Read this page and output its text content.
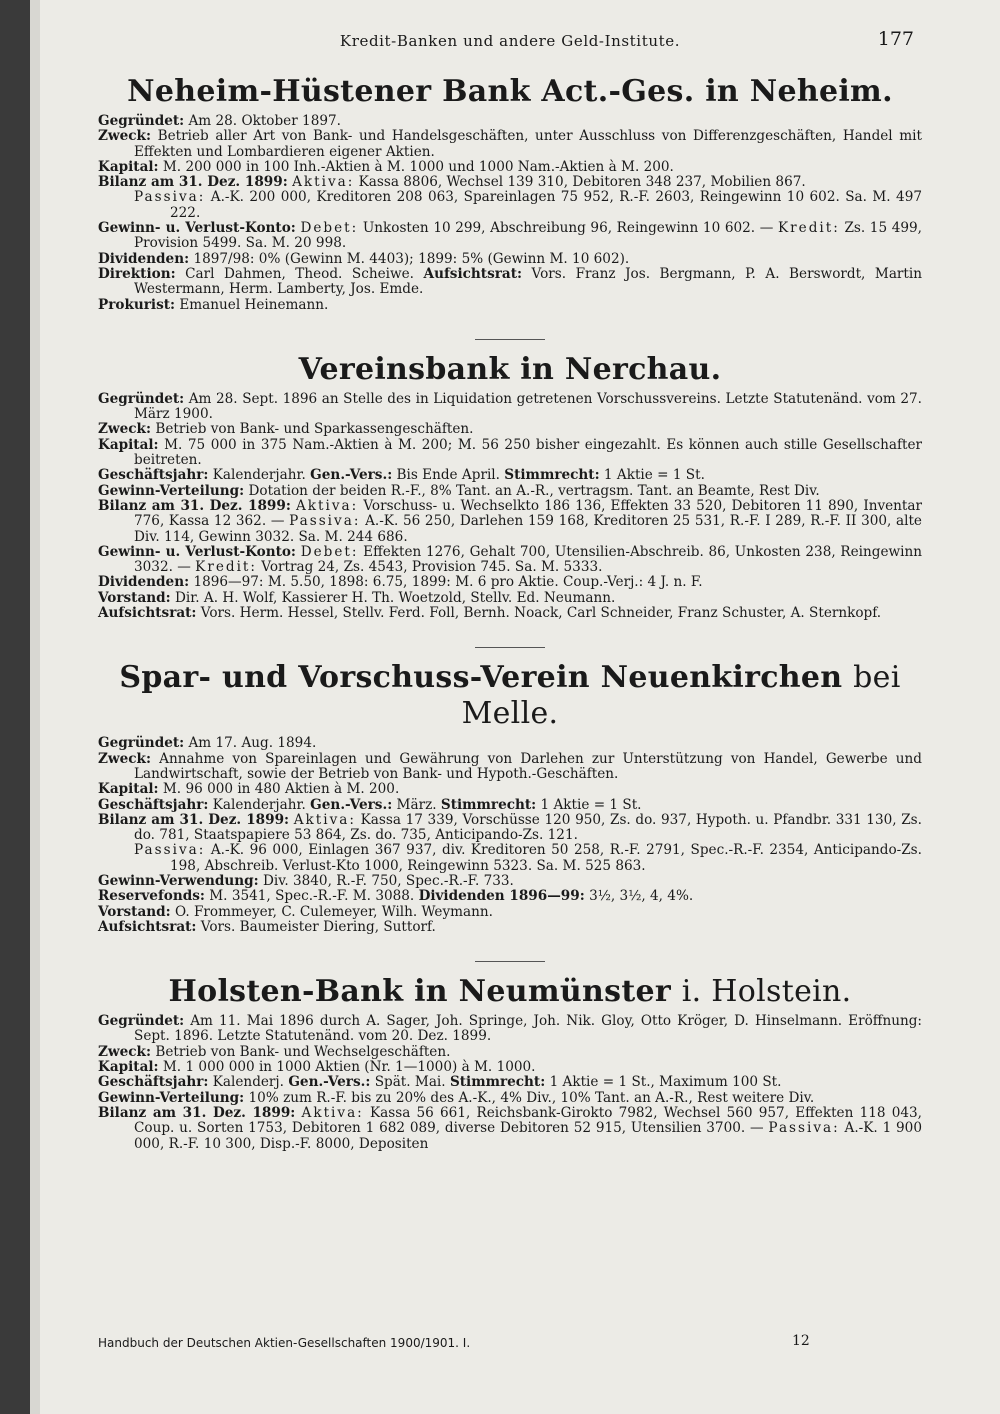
Kredit-Banken und andere Geld-Institute.	177
Neheim-Hüstener Bank Act.-Ges. in Neheim.

Gegründet: Am 28. Oktober 1897.

Zweck: Betrieb aller Art von Bank- und Handelsgeschäften, unter Ausschluss von Differenzgeschäften, Handel mit Effekten und Lombardieren eigener Aktien.

Kapital: M. 200 000 in 100 Inh.-Aktien à M. 1000 und 1000 Nam.-Aktien à M. 200.

Bilanz am 31. Dez. 1899: Aktiva: Kassa 8806, Wechsel 139 310, Debitoren 348 237, Mobilien 867.

Passiva: A.-K. 200 000, Kreditoren 208 063, Spareinlagen 75 952, R.-F. 2603, Reingewinn 10 602. Sa. M. 497 222.

Gewinn- u. Verlust-Konto: Debet: Unkosten 10 299, Abschreibung 96, Reingewinn 10 602. — Kredit: Zs. 15 499, Provision 5499. Sa. M. 20 998.

Dividenden: 1897/98: 0% (Gewinn M. 4403); 1899: 5% (Gewinn M. 10 602).

Direktion: Carl Dahmen, Theod. Scheiwe. Aufsichtsrat: Vors. Franz Jos. Bergmann, P. A. Berswordt, Martin Westermann, Herm. Lamberty, Jos. Emde.

Prokurist: Emanuel Heinemann.

Vereinsbank in Nerchau.

Gegründet: Am 28. Sept. 1896 an Stelle des in Liquidation getretenen Vorschussvereins. Letzte Statutenänd. vom 27. März 1900.

Zweck: Betrieb von Bank- und Sparkassengeschäften.

Kapital: M. 75 000 in 375 Nam.-Aktien à M. 200; M. 56 250 bisher eingezahlt. Es können auch stille Gesellschafter beitreten.

Geschäftsjahr: Kalenderjahr. Gen.-Vers.: Bis Ende April. Stimmrecht: 1 Aktie = 1 St.

Gewinn-Verteilung: Dotation der beiden R.-F., 8% Tant. an A.-R., vertragsm. Tant. an Beamte, Rest Div.

Bilanz am 31. Dez. 1899: Aktiva: Vorschuss- u. Wechselkto 186 136, Effekten 33 520, Debitoren 11 890, Inventar 776, Kassa 12 362. — Passiva: A.-K. 56 250, Darlehen 159 168, Kreditoren 25 531, R.-F. I 289, R.-F. II 300, alte Div. 114, Gewinn 3032. Sa. M. 244 686.

Gewinn- u. Verlust-Konto: Debet: Effekten 1276, Gehalt 700, Utensilien-Abschreib. 86, Unkosten 238, Reingewinn 3032. — Kredit: Vortrag 24, Zs. 4543, Provision 745. Sa. M. 5333.

Dividenden: 1896—97: M. 5.50, 1898: 6.75, 1899: M. 6 pro Aktie. Coup.-Verj.: 4 J. n. F.

Vorstand: Dir. A. H. Wolf, Kassierer H. Th. Woetzold, Stellv. Ed. Neumann.

Aufsichtsrat: Vors. Herm. Hessel, Stellv. Ferd. Foll, Bernh. Noack, Carl Schneider, Franz Schuster, A. Sternkopf.

Spar- und Vorschuss-Verein Neuenkirchen bei Melle.

Gegründet: Am 17. Aug. 1894.

Zweck: Annahme von Spareinlagen und Gewährung von Darlehen zur Unterstützung von Handel, Gewerbe und Landwirtschaft, sowie der Betrieb von Bank- und Hypoth.-Geschäften.

Kapital: M. 96 000 in 480 Aktien à M. 200.

Geschäftsjahr: Kalenderjahr. Gen.-Vers.: März. Stimmrecht: 1 Aktie = 1 St.

Bilanz am 31. Dez. 1899: Aktiva: Kassa 17 339, Vorschüsse 120 950, Zs. do. 937, Hypoth. u. Pfandbr. 331 130, Zs. do. 781, Staatspapiere 53 864, Zs. do. 735, Anticipando-Zs. 121.

Passiva: A.-K. 96 000, Einlagen 367 937, div. Kreditoren 50 258, R.-F. 2791, Spec.-R.-F. 2354, Anticipando-Zs. 198, Abschreib. Verlust-Kto 1000, Reingewinn 5323. Sa. M. 525 863.

Gewinn-Verwendung: Div. 3840, R.-F. 750, Spec.-R.-F. 733.

Reservefonds: M. 3541, Spec.-R.-F. M. 3088. Dividenden 1896—99: 3½, 3½, 4, 4%.

Vorstand: O. Frommeyer, C. Culemeyer, Wilh. Weymann.

Aufsichtsrat: Vors. Baumeister Diering, Suttorf.

Holsten-Bank in Neumünster i. Holstein.

Gegründet: Am 11. Mai 1896 durch A. Sager, Joh. Springe, Joh. Nik. Gloy, Otto Kröger, D. Hinselmann. Eröffnung: Sept. 1896. Letzte Statutenänd. vom 20. Dez. 1899.

Zweck: Betrieb von Bank- und Wechselgeschäften.

Kapital: M. 1 000 000 in 1000 Aktien (Nr. 1—1000) à M. 1000.

Geschäftsjahr: Kalenderj. Gen.-Vers.: Spät. Mai. Stimmrecht: 1 Aktie = 1 St., Maximum 100 St.

Gewinn-Verteilung: 10% zum R.-F. bis zu 20% des A.-K., 4% Div., 10% Tant. an A.-R., Rest weitere Div.

Bilanz am 31. Dez. 1899: Aktiva: Kassa 56 661, Reichsbank-Girokto 7982, Wechsel 560 957, Effekten 118 043, Coup. u. Sorten 1753, Debitoren 1 682 089, diverse Debitoren 52 915, Utensilien 3700. — Passiva: A.-K. 1 900 000, R.-F. 10 300, Disp.-F. 8000, Depositen

Handbuch der Deutschen Aktien-Gesellschaften 1900/1901. I.	12
